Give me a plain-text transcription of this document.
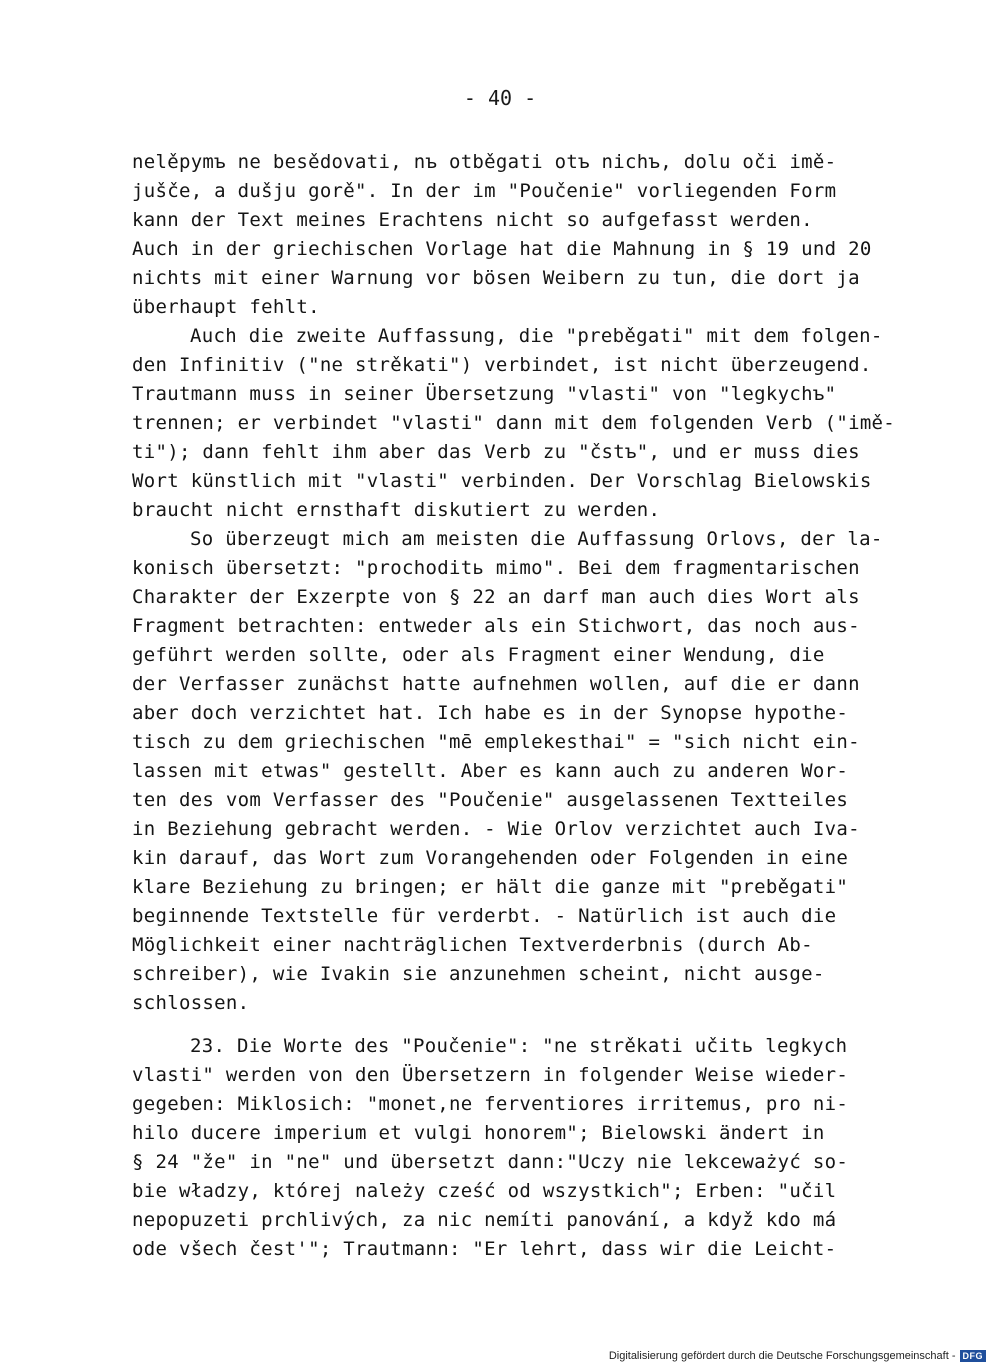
- 40 -
nelěpymъ ne besědovati, nъ otběgati otъ nichъ, dolu oči imě-
jušče, a dušju gorě". In der im "Poučenie" vorliegenden Form
kann der Text meines Erachtens nicht so aufgefasst werden.
Auch in der griechischen Vorlage hat die Mahnung in § 19 und 20
nichts mit einer Warnung vor bösen Weibern zu tun, die dort ja
überhaupt fehlt.
Auch die zweite Auffassung, die "preběgati" mit dem folgen-
den Infinitiv ("ne strěkati") verbindet, ist nicht überzeugend.
Trautmann muss in seiner Übersetzung "vlasti" von "legkychъ"
trennen; er verbindet "vlasti" dann mit dem folgenden Verb ("imě-
ti"); dann fehlt ihm aber das Verb zu "čstъ", und er muss dies
Wort künstlich mit "vlasti" verbinden. Der Vorschlag Bielowskis
braucht nicht ernsthaft diskutiert zu werden.
So überzeugt mich am meisten die Auffassung Orlovs, der la-
konisch übersetzt: "prochoditь mimo". Bei dem fragmentarischen
Charakter der Exzerpte von § 22 an darf man auch dies Wort als
Fragment betrachten: entweder als ein Stichwort, das noch aus-
geführt werden sollte, oder als Fragment einer Wendung, die
der Verfasser zunächst hatte aufnehmen wollen, auf die er dann
aber doch verzichtet hat. Ich habe es in der Synopse hypothe-
tisch zu dem griechischen "mē emplekesthai" = "sich nicht ein-
lassen mit etwas" gestellt. Aber es kann auch zu anderen Wor-
ten des vom Verfasser des "Poučenie" ausgelassenen Textteiles
in Beziehung gebracht werden. - Wie Orlov verzichtet auch Iva-
kin darauf, das Wort zum Vorangehenden oder Folgenden in eine
klare Beziehung zu bringen; er hält die ganze mit "preběgati"
beginnende Textstelle für verderbt. - Natürlich ist auch die
Möglichkeit einer nachträglichen Textverderbnis (durch Ab-
schreiber), wie Ivakin sie anzunehmen scheint, nicht ausge-
schlossen.
23. Die Worte des "Poučenie": "ne strěkati učitь legkych
vlasti" werden von den Übersetzern in folgender Weise wieder-
gegeben: Miklosich: "monet,ne ferventiores irritemus, pro ni-
hilo ducere imperium et vulgi honorem"; Bielowski ändert in
§ 24 "že" in "ne" und übersetzt dann:"Uczy nie lekceważyć so-
bie władzy, której należy cześć od wszystkich"; Erben: "učil
nepopuzeti prchlivých, za nic nemíti panování, a když kdo má
ode všech čest'"; Trautmann: "Er lehrt, dass wir die Leicht-
Digitalisierung gefördert durch die Deutsche Forschungsgemeinschaft - DFG
